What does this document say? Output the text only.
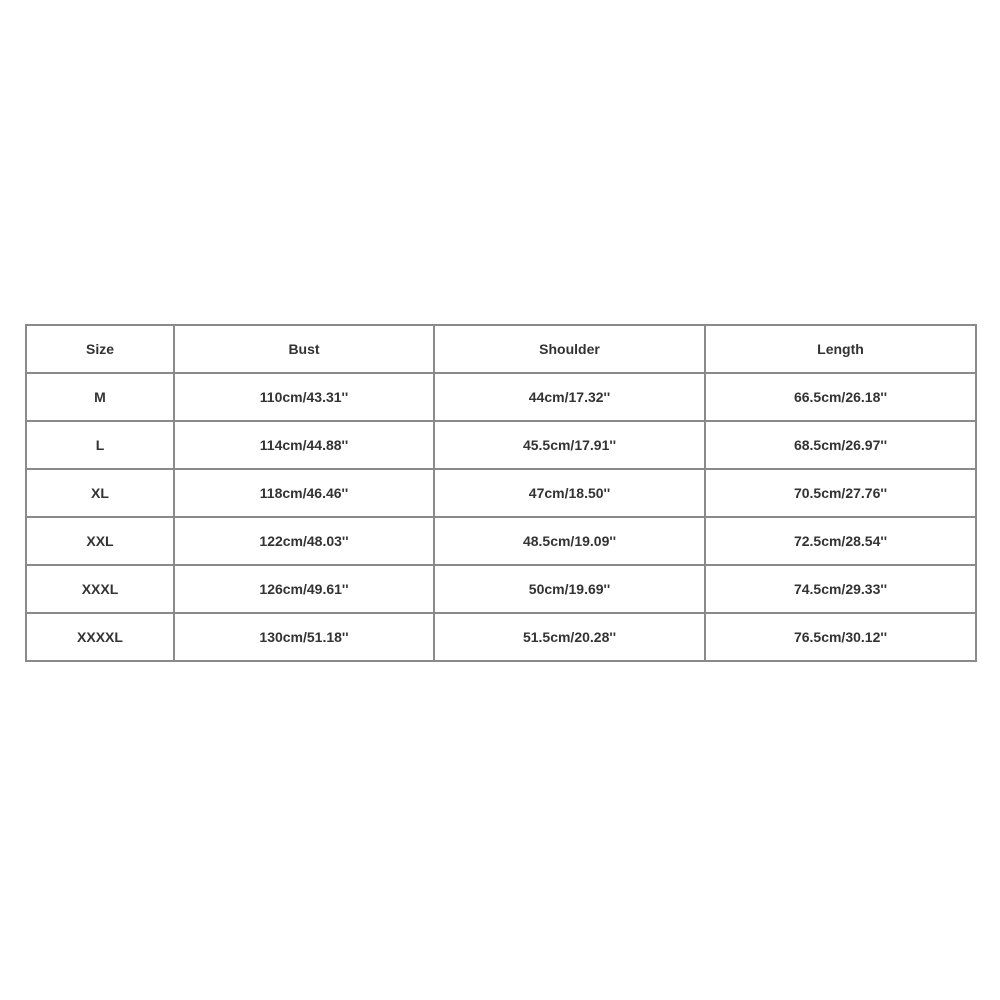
Size	Bust	Shoulder	Length
M	110cm/43.31''	44cm/17.32''	66.5cm/26.18''
L	114cm/44.88''	45.5cm/17.91''	68.5cm/26.97''
XL	118cm/46.46''	47cm/18.50''	70.5cm/27.76''
XXL	122cm/48.03''	48.5cm/19.09''	72.5cm/28.54''
XXXL	126cm/49.61''	50cm/19.69''	74.5cm/29.33''
XXXXL	130cm/51.18''	51.5cm/20.28''	76.5cm/30.12''
